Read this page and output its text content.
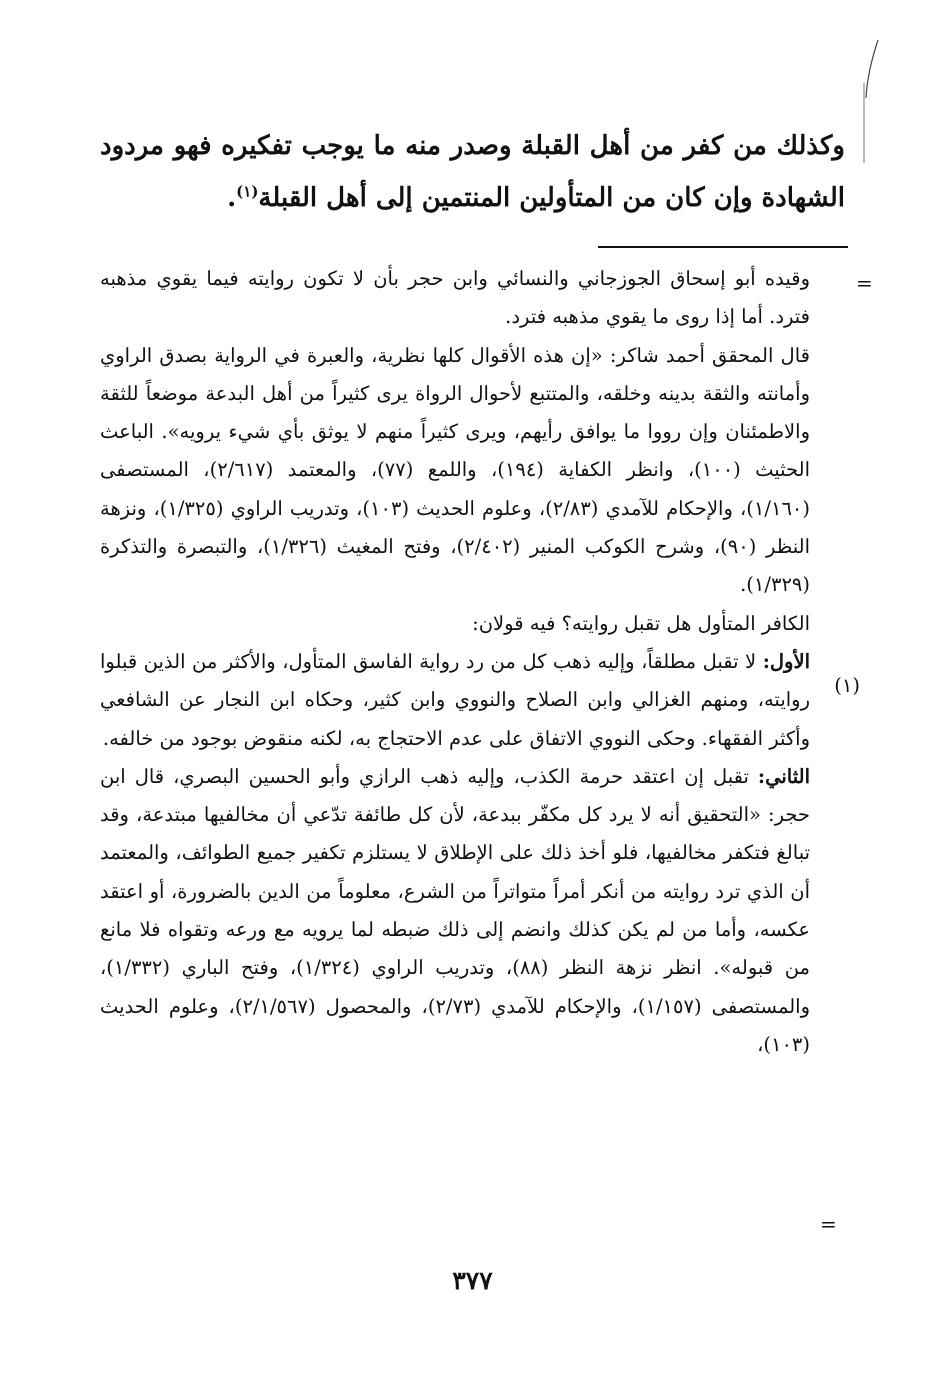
وكذلك من كفر من أهل القبلة وصدر منه ما يوجب تفكيره فهو مردود الشهادة وإن كان من المتأولين المنتمين إلى أهل القبلة$^{(١)}$.

=
(١)

وقيده أبو إسحاق الجوزجاني والنسائي وابن حجر بأن لا تكون روايته فيما يقوي مذهبه فترد. أما إذا روى ما يقوي مذهبه فترد.

قال المحقق أحمد شاكر: «إن هذه الأقوال كلها نظرية، والعبرة في الرواية بصدق الراوي وأمانته والثقة بدينه وخلقه، والمتتبع لأحوال الرواة يرى كثيراً من أهل البدعة موضعاً للثقة والاطمئنان وإن رووا ما يوافق رأيهم، ويرى كثيراً منهم لا يوثق بأي شيء يرويه». الباعث الحثيث (١٠٠)، وانظر الكفاية (١٩٤)، واللمع (٧٧)، والمعتمد (٢/٦١٧)، المستصفى (١/١٦٠)، والإحكام للآمدي (٢/٨٣)، وعلوم الحديث (١٠٣)، وتدريب الراوي (١/٣٢٥)، ونزهة النظر (٩٠)، وشرح الكوكب المنير (٢/٤٠٢)، وفتح المغيث (١/٣٢٦)، والتبصرة والتذكرة (١/٣٢٩).

الكافر المتأول هل تقبل روايته؟ فيه قولان:

الأول: لا تقبل مطلقاً، وإليه ذهب كل من رد رواية الفاسق المتأول، والأكثر من الذين قبلوا روايته، ومنهم الغزالي وابن الصلاح والنووي وابن كثير، وحكاه ابن النجار عن الشافعي وأكثر الفقهاء. وحكى النووي الاتفاق على عدم الاحتجاج به، لكنه منقوض بوجود من خالفه.

الثاني: تقبل إن اعتقد حرمة الكذب، وإليه ذهب الرازي وأبو الحسين البصري، قال ابن حجر: «التحقيق أنه لا يرد كل مكفّر ببدعة، لأن كل طائفة تدّعي أن مخالفيها مبتدعة، وقد تبالغ فتكفر مخالفيها، فلو أخذ ذلك على الإطلاق لا يستلزم تكفير جميع الطوائف، والمعتمد أن الذي ترد روايته من أنكر أمراً متواتراً من الشرع، معلوماً من الدين بالضرورة، أو اعتقد عكسه، وأما من لم يكن كذلك وانضم إلى ذلك ضبطه لما يرويه مع ورعه وتقواه فلا مانع من قبوله». انظر نزهة النظر (٨٨)، وتدريب الراوي (١/٣٢٤)، وفتح الباري (١/٣٣٢)، والمستصفى (١/١٥٧)، والإحكام للآمدي (٢/٧٣)، والمحصول (٢/١/٥٦٧)، وعلوم الحديث (١٠٣)،

=
٣٧٧
